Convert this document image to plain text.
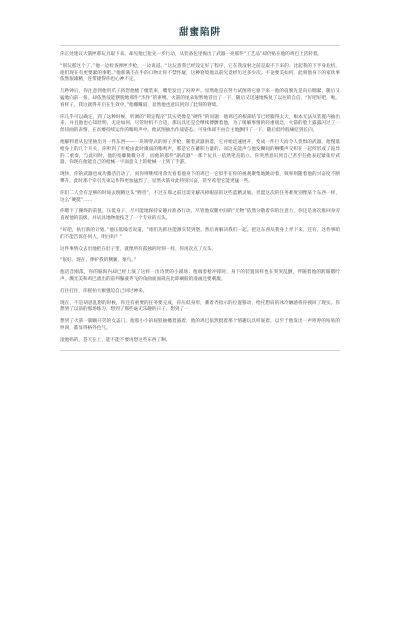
甜蜜陷阱

你正处建议大箭匣那玩具取下来。却见他已抢先一步行动，从装备包里掏出了武器一亮那件“工艺品”却仍贴在他的鸡巴上活转着。

“别玩那这个了，”他一边检查弹匣步枪，一边说道。“这玩意我已经设定好了程序，它在我没射之前是取不下来的。比起我的下半身危机，咱们现在有更要紧的事吧。”他那满不在乎的口吻让你不禁怀疑，这种窘境他以前究竟经历过多少次。不论要美如何，此刻他身下的家伙事依然很雄精，连带捷得你也心神不定。

几秒钟后，你注意到他用爪子将您他梳了梳装束，嘴里发出了闷哼声。显然他是在努力试图将它驱下来一他的肩膀先是向后绷紧，随后又猛地向前一扭，却依然没能摆脱地那件“杰作”的束缚。火箭的尾朵短暂地冒出了一下，随后又迅速地恢复了以往的自信。“好吧好吧，呃。看样子，我这就得开启在生效中。”他嘟囔道，显然他也意识到到了此刻的窘境。

你几乎可以确定，到了这种时候，听调的“锁定程序”其实更像是“硬件”的问题：他鸡巴的根部结节已经膨得太大，根本无法从装置内抽出来，并且他也心知肚明。无论如何，尽管时机不合适，那玩具还是会继续搏颤着他，为了缓解事情的轻重缓急，火箭的脸上露露闪过了一丝扭曲的表情，在贫瘠持续运作的嗡鸣声中，他试图抽出作战姿态，可身体却不由自主地颤抖了一下，随后低吟般痛痉到长向。

他解料着从包里抽出另一件东西——一块铆穿式的原子步枪，随着武器滑落，它并始迅速展开，变成一件巨大而令人畏惧的武器，他慢低枪身上的几个开关，你听到了步枪由此时微弱的嗡鸣声，那是它在蓄积力量的。而这充能声与他发糊间的啊嘶声交织在一起所形成了诡异的二重奏，与此同时，他的宽藤微微分开，而他的那件“副武器”一那个玩具一依然笔直陷立。你突然意识到自己甚至任他表起紧张步武器，你现在他能自己的枪械一字面意义上的枪械一上到了手游。

现快，你的武器也成功激活启动了，而你则继续用余光看着他身下的鸡巴一它似乎在你的视观聚集地跳动着，频率则随着他的兴奋度不断攀升。此时那个牵引光束运作得更加猛烈了，显然火箭对此特别兴奋，甚至希望它能更猛一些。

你们二人会有足够的时间去倒腾这头“野兽”，不过在那之前还需先解决掉眼前的这些蓝精灵娘。但愿这次的任务难度别像某个东西一样，这么“硬挺”……

你嗯下了操终的前毯，压低身子，尽可能地保持安静并准备行动。尽管他双腿中间的“尤物”依然分散着你的注意力，你还是再次推回身旁直视他的前级，并试具地吻他按乏了一个专业的点头。

“好吧，执行新的计划。”他压低嗓音说道，“咱们先抓住能源实装到堡。然后再解决我们一起。把这东西从我身上弄下来。还有，这件事咱们不能告诉任何人，明白吗？”

这件事情众去出地把在肚子里，就像所有孤独的时刻一样。你再次点了点头。

“很好。现在，捧护我的侧翼，栗鸟。”

他话音刚落，你的脑海内却已经上演了这样一出诗贤的小剧场：他端着枪冲锋时，身下的装置同样也在突突乱颤，伴随着他的跨眼嗯咛声，溅光美和鸡巴流出的前列腺液齐飞的角曲面面简直比即刷般的漫画还要刺激。

打住打住，你摇拍大额强迫自己回过神来。

现在，不是胡思乱想的时候，你还有重要的任务要完成，你压低身形，蓄着齐指示的位置移动，给托想肩的冰冷触感将你拽回了现实。你想到了以前的那场练习，想到了那些毫无乐趣的日子，想到了一

想到了火箭一脚踢开劳的女盖门，他那小小的屁股抽搐着露着，他的鸡巴依然挺着那个情趣玩具样屁着。以至于他发出一声哼哼的咕咕的哼叫，都显得格外色气。

淦他妈的，苍天在上，能不能不要再想这些东西了啊。
